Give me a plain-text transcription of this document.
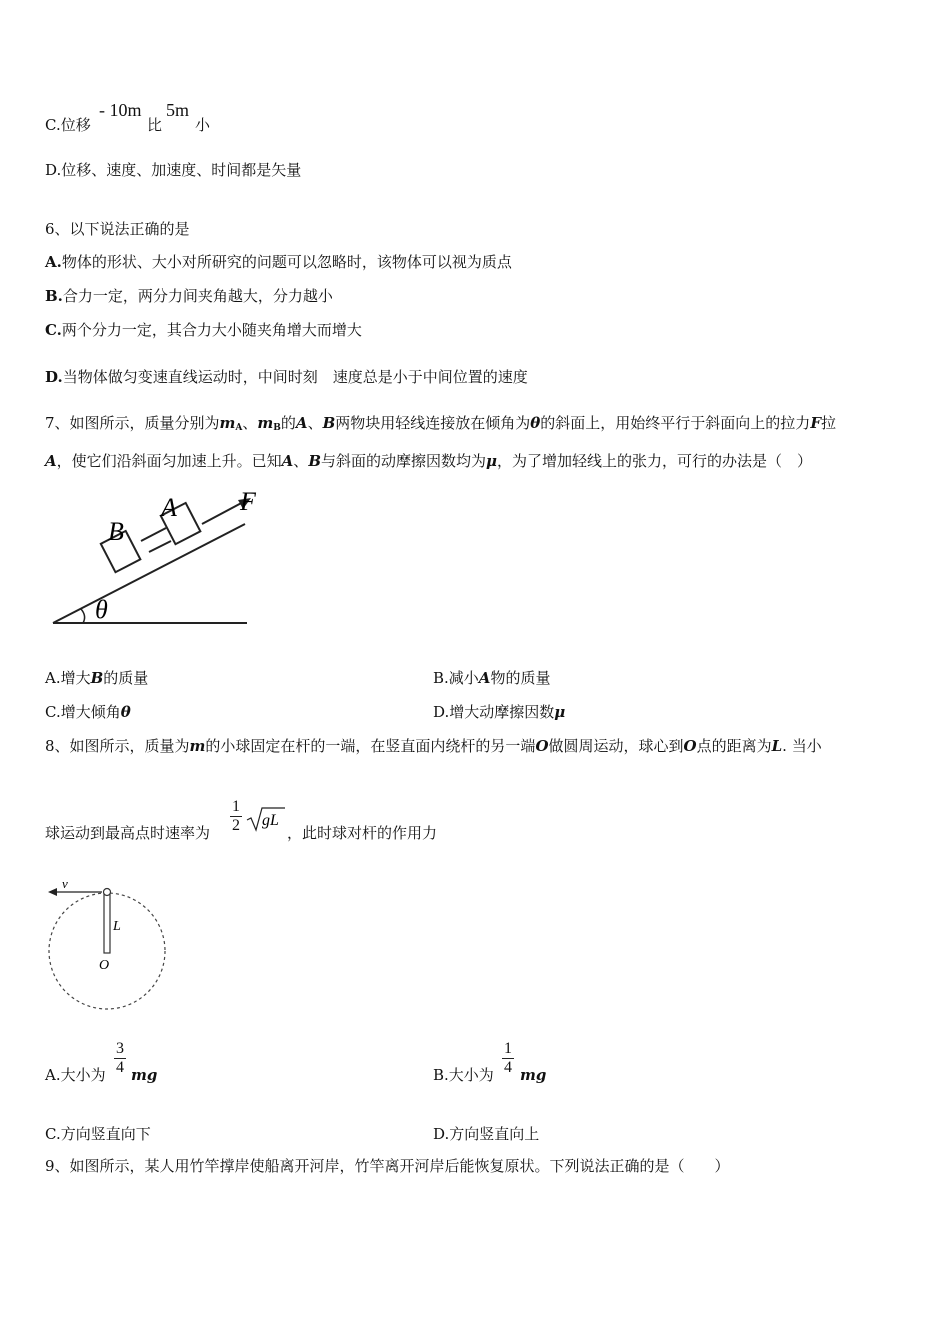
C.位移
- 10m
比
5m
小
D.位移、速度、加速度、时间都是矢量
6、以下说法正确的是
A.物体的形状、大小对所研究的问题可以忽略时，该物体可以视为质点
B.合力一定，两分力间夹角越大，分力越小
C.两个分力一定，其合力大小随夹角增大而增大
D.当物体做匀变速直线运动时，中间时刻　速度总是小于中间位置的速度
7、如图所示，质量分别为$m_A$、$m_B$的A、B两物块用轻线连接放在倾角为θ的斜面上，用始终平行于斜面向上的拉力F拉
A，使它们沿斜面匀加速上升。已知A、B与斜面的动摩擦因数均为μ，为了增加轻线上的张力，可行的办法是（　）
θ
B
A F
A.增大B的质量	B.减小A物的质量
C.增大倾角θ	D.增大动摩擦因数μ
8、如图所示，质量为m的小球固定在杆的一端，在竖直面内绕杆的另一端O做圆周运动，球心到O点的距离为L. 当小
球运动到最高点时速率为 $\frac{1}{2}$ gL
，此时球对杆的作用力
v
L
O
A.大小为 $\frac{3}{4}$ mg	B.大小为 $\frac{1}{4}$ mg
C.方向竖直向下	D.方向竖直向上
9、如图所示，某人用竹竿撑岸使船离开河岸，竹竿离开河岸后能恢复原状。下列说法正确的是（　　）
